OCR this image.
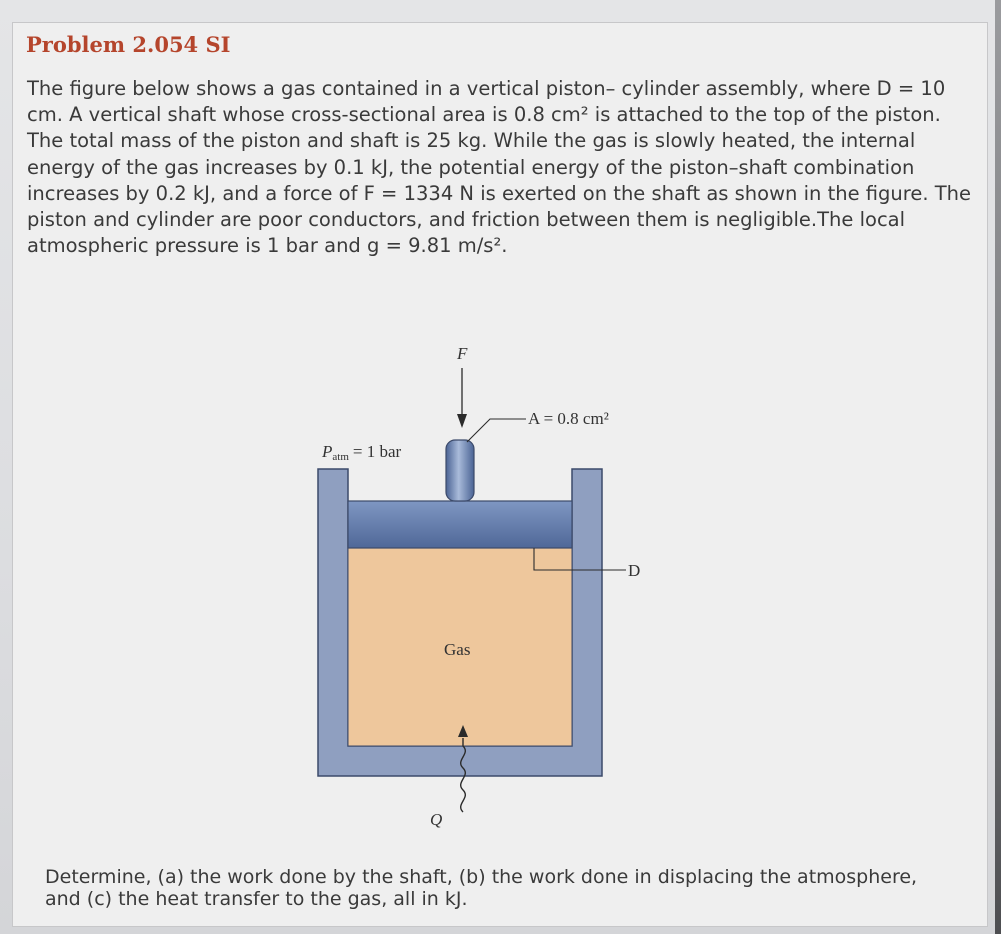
Problem 2.054 SI

The figure below shows a gas contained in a vertical piston– cylinder assembly, where D = 10 cm. A vertical shaft whose cross-sectional area is 0.8 cm² is attached to the top of the piston. The total mass of the piston and shaft is 25 kg. While the gas is slowly heated, the internal energy of the gas increases by 0.1 kJ, the potential energy of the piston–shaft combination increases by 0.2 kJ, and a force of F = 1334 N is exerted on the shaft as shown in the figure. The piston and cylinder are poor conductors, and friction between them is negligible.The local atmospheric pressure is 1 bar and g = 9.81 m/s².

F
A = 0.8 cm²
Patm = 1 bar
D
Gas
Q

Determine, (a) the work done by the shaft, (b) the work done in displacing the atmosphere, and (c) the heat transfer to the gas, all in kJ.
